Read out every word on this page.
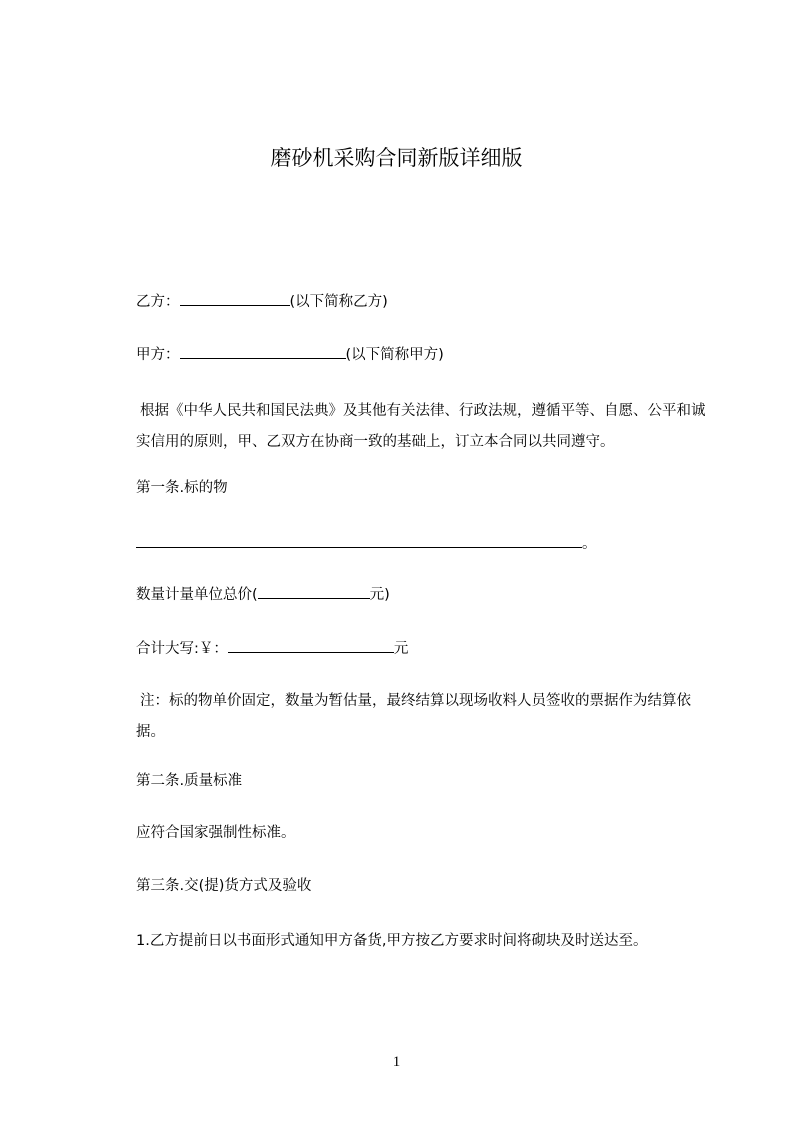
磨砂机采购合同新版详细版
乙方：	(以下简称乙方)
甲方：	(以下简称甲方)
根据《中华人民共和国民法典》及其他有关法律、行政法规，遵循平等、自愿、公平和诚实信用的原则，甲、乙双方在协商一致的基础上，订立本合同以共同遵守。
第一条.标的物
。
数量计量单位总价(	元)
合计大写:￥：	元
注：标的物单价固定，数量为暂估量，最终结算以现场收料人员签收的票据作为结算依据。
第二条.质量标准
应符合国家强制性标准。
第三条.交(提)货方式及验收
1.乙方提前日以书面形式通知甲方备货,甲方按乙方要求时间将砌块及时送达至。
1
